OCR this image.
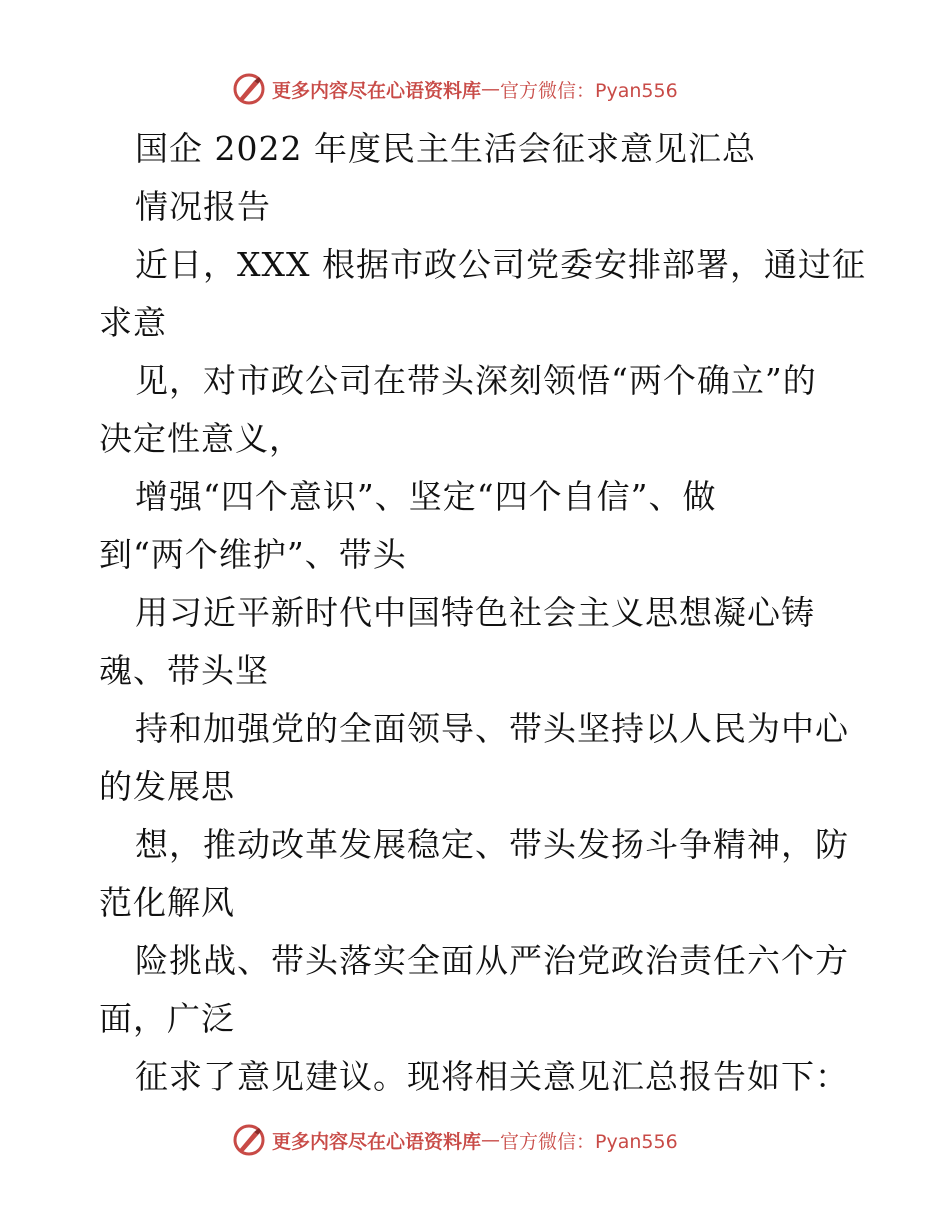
更多内容尽在心语资料库 — 官方微信：Pyan556
国企 2022 年度民主生活会征求意见汇总
情况报告
近日，XXX 根据市政公司党委安排部署，通过征
求意
见，对市政公司在带头深刻领悟“两个确立”的
决定性意义，
增强“四个意识”、坚定“四个自信”、做
到“两个维护”、带头
用习近平新时代中国特色社会主义思想凝心铸
魂、带头坚
持和加强党的全面领导、带头坚持以人民为中心
的发展思
想，推动改革发展稳定、带头发扬斗争精神，防
范化解风
险挑战、带头落实全面从严治党政治责任六个方
面，广泛
征求了意见建议。现将相关意见汇总报告如下：
更多内容尽在心语资料库 — 官方微信：Pyan556
